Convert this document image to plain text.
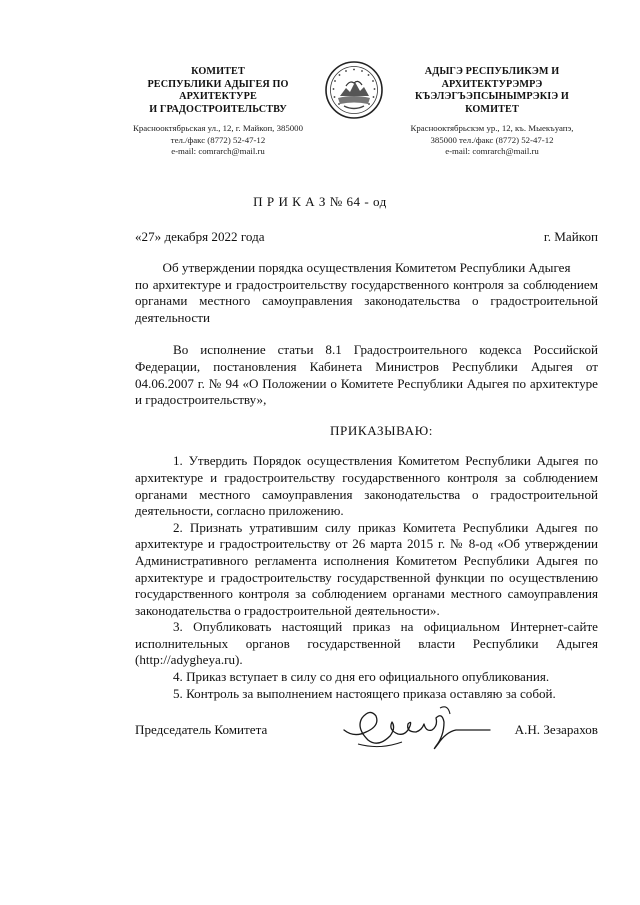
КОМИТЕТ
РЕСПУБЛИКИ АДЫГЕЯ ПО
АРХИТЕКТУРЕ
И ГРАДОСТРОИТЕЛЬСТВУ
Краснооктябрьская ул., 12, г. Майкоп, 385000
тел./факс (8772) 52-47-12
e-mail: comrarch@mail.ru
АДЫГЭ РЕСПУБЛИКЭМ И
АРХИТЕКТУРЭМРЭ
КЪЭЛЭГЪЭПСЫНЫМРЭКIЭ И
КОМИТЕТ
Краснооктябрьскэм ур., 12, къ. Мыекъуапэ,
385000 тел./факс (8772) 52-47-12
e-mail: comrarch@mail.ru
П Р И К А З № 64 - од
«27» декабря 2022 года	г. Майкоп
Об утверждении порядка осуществления Комитетом Республики Адыгея
по архитектуре и градостроительству государственного контроля за соблюдением органами местного самоуправления законодательства о градостроительной деятельности
Во исполнение статьи 8.1 Градостроительного кодекса Российской Федерации, постановления Кабинета Министров Республики Адыгея от 04.06.2007 г. № 94 «О Положении о Комитете Республики Адыгея по архитектуре и градостроительству»,
ПРИКАЗЫВАЮ:
1. Утвердить Порядок осуществления Комитетом Республики Адыгея по архитектуре и градостроительству государственного контроля за соблюдением органами местного самоуправления законодательства о градостроительной деятельности, согласно приложению.
2. Признать утратившим силу приказ Комитета Республики Адыгея по архитектуре и градостроительству от 26 марта 2015 г. № 8-од «Об утверждении Административного регламента исполнения Комитетом Республики Адыгея по архитектуре и градостроительству государственной функции по осуществлению государственного контроля за соблюдением органами местного самоуправления законодательства о градостроительной деятельности».
3. Опубликовать настоящий приказ на официальном Интернет-сайте исполнительных органов государственной власти Республики Адыгея (http://adygheya.ru).
4. Приказ вступает в силу со дня его официального опубликования.
5. Контроль за выполнением настоящего приказа оставляю за собой.
Председатель Комитета	А.Н. Зезарахов
